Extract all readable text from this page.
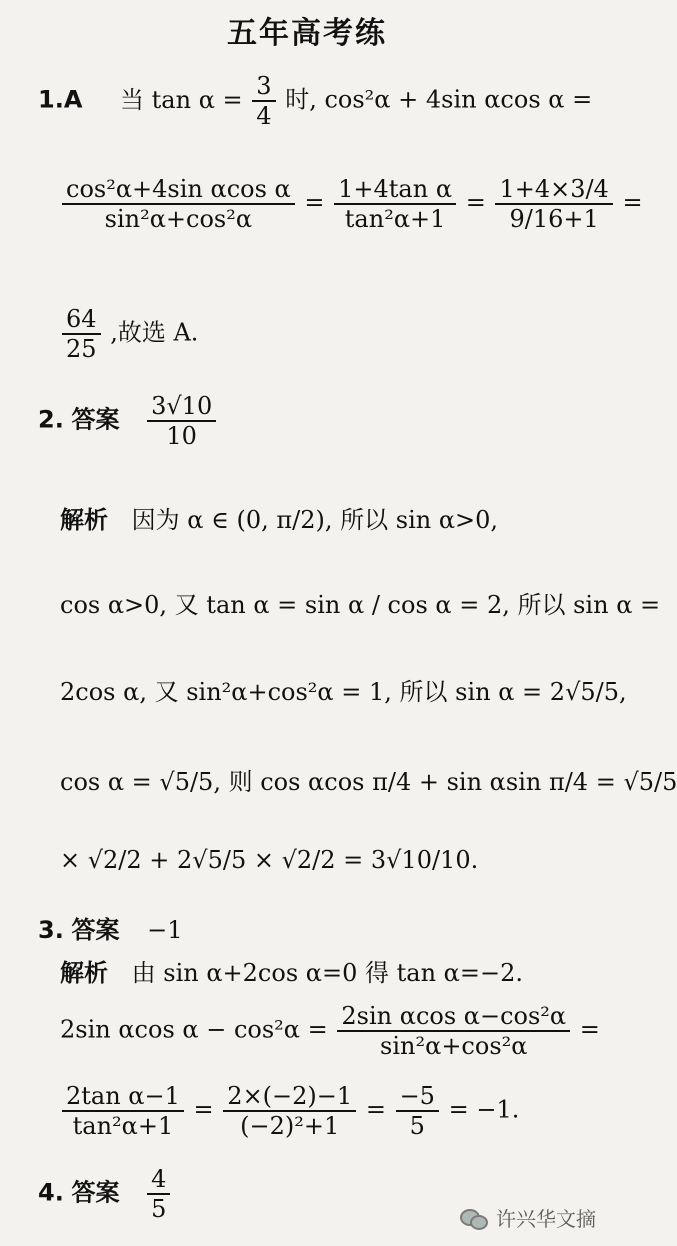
五年高考练
1.A 当 $\tan \alpha = \frac{3}{4}$ 时, cos²α + 4sin αcos α =
$\frac{\text{cos²α+4sin αcos α}}{\text{sin²α+cos²α}} = \frac{\text{1+4tan α}}{\text{tan²α+1}} = \frac{1+4\times 3/4}{9/16+1}$ =
$\frac{64}{25}$ ,故选 A.
2. 答案 $\frac{3√10}{10}$
解析 因为 α ∈ (0, π/2), 所以 sin α>0,
cos α>0, 又 tan α = sin α / cos α = 2, 所以 sin α =
2cos α, 又 sin²α+cos²α = 1, 所以 sin α = 2√5/5,
cos α = √5/5, 则 cos αcos π/4 + sin αsin π/4 = √5/5
× √2/2 + 2√5/5 × √2/2 = 3√10/10.
3. 答案 −1
解析 由 sin α+2cos α=0 得 tan α=−2.
2sin αcos $\alpha - \cos^2\alpha = \frac{\text{2sin αcos α−cos²α}}{\text{sin²α+cos²α}}$ =
$\frac{\text{2tan α−1}}{\text{tan²α+1}} = \frac{2\times(-2)-1}{\text{(−2)²+1}} = \frac{-5}{5} = -1$.
4. 答案 $\frac{4}{5}$	许兴华文摘
